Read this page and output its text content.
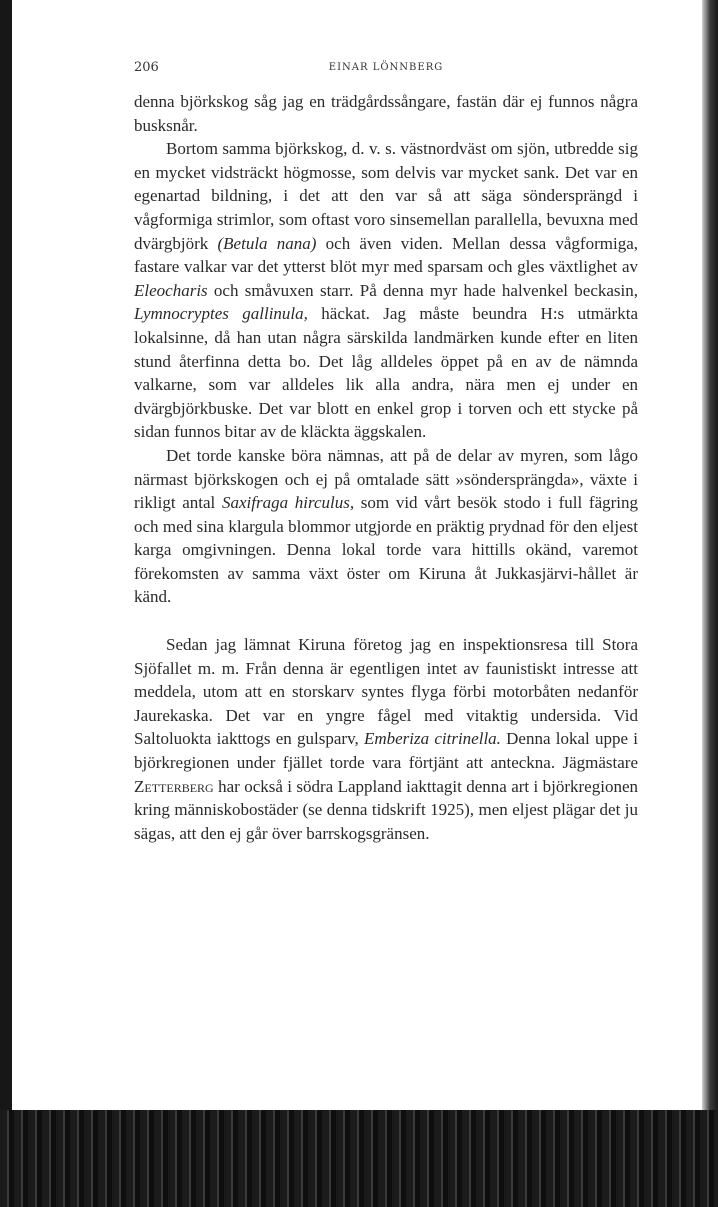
206	EINAR LÖNNBERG

denna björkskog såg jag en trädgårdssångare, fastän där ej funnos några busksnår.

Bortom samma björkskog, d. v. s. västnordväst om sjön, utbredde sig en mycket vidsträckt högmosse, som delvis var mycket sank. Det var en egenartad bildning, i det att den var så att säga söndersprängd i vågformiga strimlor, som oftast voro sinsemellan parallella, bevuxna med dvärgbjörk (Betula nana) och även viden. Mellan dessa vågformiga, fastare valkar var det ytterst blöt myr med sparsam och gles växtlighet av Eleocharis och småvuxen starr. På denna myr hade halvenkel beckasin, Lymnocryptes gallinula, häckat. Jag måste beundra H:s utmärkta lokalsinne, då han utan några särskilda landmärken kunde efter en liten stund återfinna detta bo. Det låg alldeles öppet på en av de nämnda valkarne, som var alldeles lik alla andra, nära men ej under en dvärgbjörkbuske. Det var blott en enkel grop i torven och ett stycke på sidan funnos bitar av de kläckta äggskalen.

Det torde kanske böra nämnas, att på de delar av myren, som lågo närmast björkskogen och ej på omtalade sätt »söndersprängda», växte i rikligt antal Saxifraga hirculus, som vid vårt besök stodo i full fägring och med sina klargula blommor utgjorde en präktig prydnad för den eljest karga omgivningen. Denna lokal torde vara hittills okänd, varemot förekomsten av samma växt öster om Kiruna åt Jukkasjärvi-hållet är känd.

Sedan jag lämnat Kiruna företog jag en inspektionsresa till Stora Sjöfallet m. m. Från denna är egentligen intet av faunistiskt intresse att meddela, utom att en storskarv syntes flyga förbi motorbåten nedanför Jaurekaska. Det var en yngre fågel med vitaktig undersida. Vid Saltoluokta iakttogs en gulsparv, Emberiza citrinella. Denna lokal uppe i björkregionen under fjället torde vara förtjänt att anteckna. Jägmästare Zetterberg har också i södra Lappland iakttagit denna art i björkregionen kring människobostäder (se denna tidskrift 1925), men eljest plägar det ju sägas, att den ej går över barrskogsgränsen.
